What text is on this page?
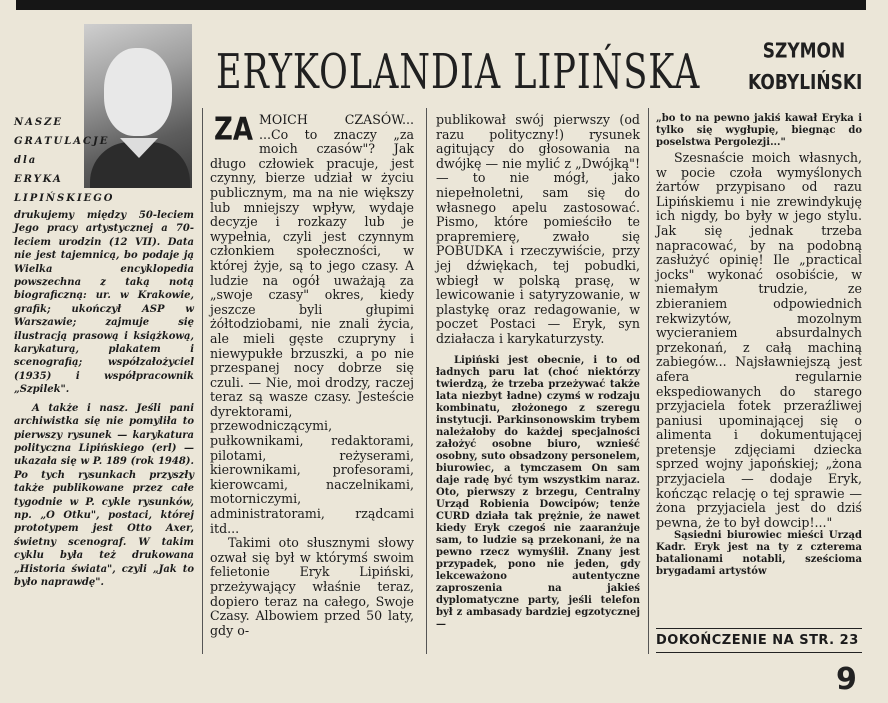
ERYKOLANDIA LIPIŃSKA	SZYMON KOBYLIŃSKI

NASZE GRATULACJE dla ERYKA LIPIŃSKIEGO

drukujemy między 50-leciem Jego pracy artystycznej a 70-leciem urodzin (12 VII). Data nie jest tajemnicą, bo podaje ją Wielka encyklopedia powszechna z taką notą biograficzną: ur. w Krakowie, grafik; ukończył ASP w Warszawie; zajmuje się ilustracją prasową i książkową, karykaturą, plakatem i scenografią; współzałożyciel (1935) i współpracownik „Szpilek".

A także i nasz. Jeśli pani archiwistka się nie pomyliła to pierwszy rysunek — karykatura polityczna Lipińskiego (erl) — ukazała się w P. 189 (rok 1948). Po tych rysunkach przyszły także publikowane przez całe tygodnie w P. cykle rysunków, np. „O Otku", postaci, której prototypem jest Otto Axer, świetny scenograf. W takim cyklu była też drukowana „Historia świata", czyli „Jak to było naprawdę".

ZA MOICH CZASÓW... ...Co to znaczy „za moich czasów"? Jak długo człowiek pracuje, jest czynny, bierze udział w życiu publicznym, ma na nie większy lub mniejszy wpływ, wydaje decyzje i rozkazy lub je wypełnia, czyli jest czynnym członkiem społeczności, w której żyje, są to jego czasy. A ludzie na ogół uważają za „swoje czasy" okres, kiedy jeszcze byli głupimi żółtodziobami, nie znali życia, ale mieli gęste czupryny i niewypukłe brzuszki, a po nie przespanej nocy dobrze się czuli. — Nie, moi drodzy, raczej teraz są wasze czasy. Jesteście dyrektorami, przewodniczącymi, pułkownikami, redaktorami, pilotami, reżyserami, kierownikami, profesorami, kierowcami, naczelnikami, motorniczymi, administratorami, rządcami itd...

Takimi oto słusznymi słowy ozwał się był w którymś swoim felietonie Eryk Lipiński, przeżywający właśnie teraz, dopiero teraz na całego, Swoje Czasy. Albowiem przed 50 laty, gdy o-

publikował swój pierwszy (od razu polityczny!) rysunek agitujący do głosowania na dwójkę — nie mylić z „Dwójką"! — to nie mógł, jako niepełnoletni, sam się do własnego apelu zastosować. Pismo, które pomieściło te prapremierę, zwało się POBUDKA i rzeczywiście, przy jej dźwiękach, tej pobudki, wbiegł w polską prasę, w lewicowanie i satyryzowanie, w plastykę oraz redagowanie, w poczet Postaci — Eryk, syn działacza i karykaturzysty.

Lipiński jest obecnie, i to od ładnych paru lat (choć niektórzy twierdzą, że trzeba przeżywać także lata niezbyt ładne) czymś w rodzaju kombinatu, złożonego z szeregu instytucji. Parkinsonowskim trybem należałoby do każdej specjalności założyć osobne biuro, wznieść osobny, suto obsadzony personelem, biurowiec, a tymczasem On sam daje radę być tym wszystkim naraz. Oto, pierwszy z brzegu, Centralny Urząd Robienia Dowcipów; tenże CURD działa tak prężnie, że nawet kiedy Eryk czegoś nie zaaranżuje sam, to ludzie są przekonani, że na pewno rzecz wymyślił. Znany jest przypadek, pono nie jeden, gdy lekceważono autentyczne zaproszenia na jakieś dyplomatyczne party, jeśli telefon był z ambasady bardziej egzotycznej —

„bo to na pewno jakiś kawał Eryka i tylko się wygłupię, biegnąc do poselstwa Pergolezji..."

Szesnaście moich własnych, w pocie czoła wymyślonych żartów przypisano od razu Lipińskiemu i nie zrewindykuję ich nigdy, bo były w jego stylu. Jak się jednak trzeba napracować, by na podobną zasłużyć opinię! Ile „practical jocks" wykonać osobiście, w niemałym trudzie, ze zbieraniem odpowiednich rekwizytów, mozolnym wycieraniem absurdalnych przekonań, z całą machiną zabiegów... Najsławniejszą jest afera regularnie ekspediowanych do starego przyjaciela fotek przeraźliwej paniusi upominającej się o alimenta i dokumentującej pretensje zdjęciami dziecka sprzed wojny japońskiej; „żona przyjaciela — dodaje Eryk, kończąc relację o tej sprawie — żona przyjaciela jest do dziś pewna, że to był dowcip!..."

Sąsiedni biurowiec mieści Urząd Kadr. Eryk jest na ty z czterema batalionami notabli, sześcioma brygadami artystów

DOKOŃCZENIE NA STR. 23
9
